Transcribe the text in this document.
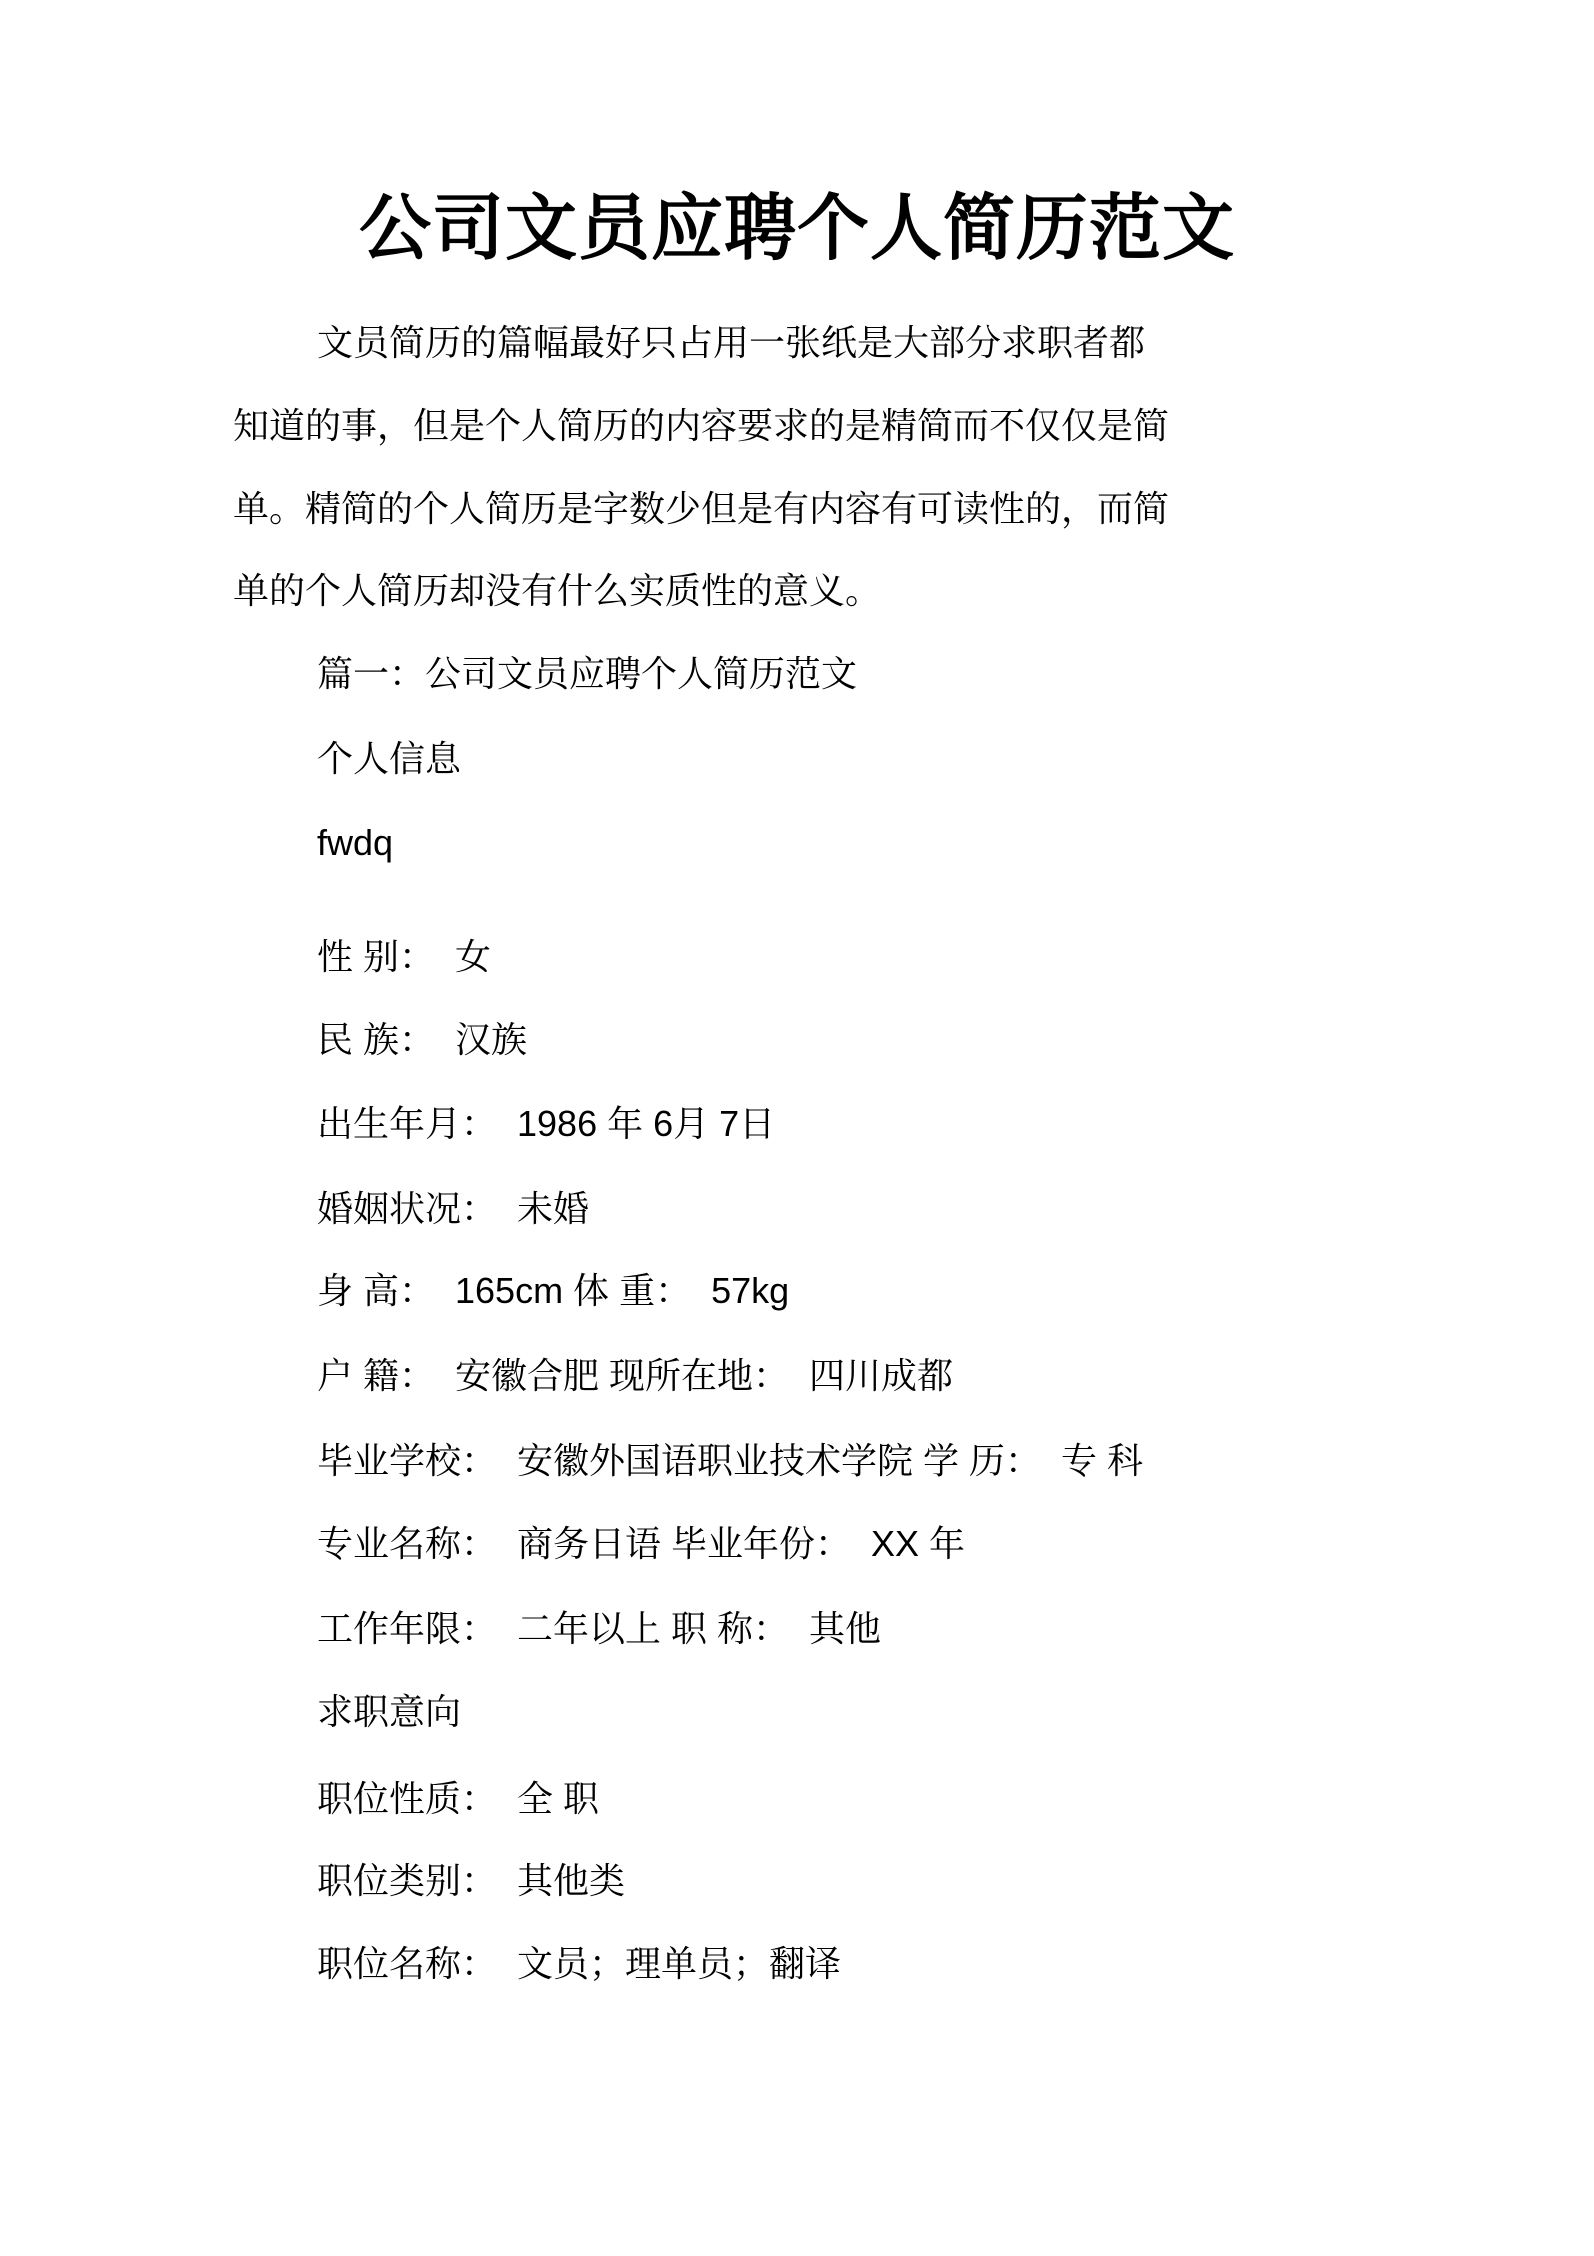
公司文员应聘个人简历范文
文员简历的篇幅最好只占用一张纸是大部分求职者都
知道的事，但是个人简历的内容要求的是精简而不仅仅是简
单。精简的个人简历是字数少但是有内容有可读性的，而简
单的个人简历却没有什么实质性的意义。
篇一：公司文员应聘个人简历范文
个人信息
fwdq
性 别：  女
民 族：  汉族
出生年月：  1986 年 6月 7日
婚姻状况：  未婚
身 高：  165cm 体 重：  57kg
户 籍：  安徽合肥 现所在地：  四川成都
毕业学校：  安徽外国语职业技术学院 学 历：  专 科
专业名称：  商务日语 毕业年份：  XX 年
工作年限：  二年以上 职 称：  其他
求职意向
职位性质：  全 职
职位类别：  其他类
职位名称：  文员；理单员；翻译
